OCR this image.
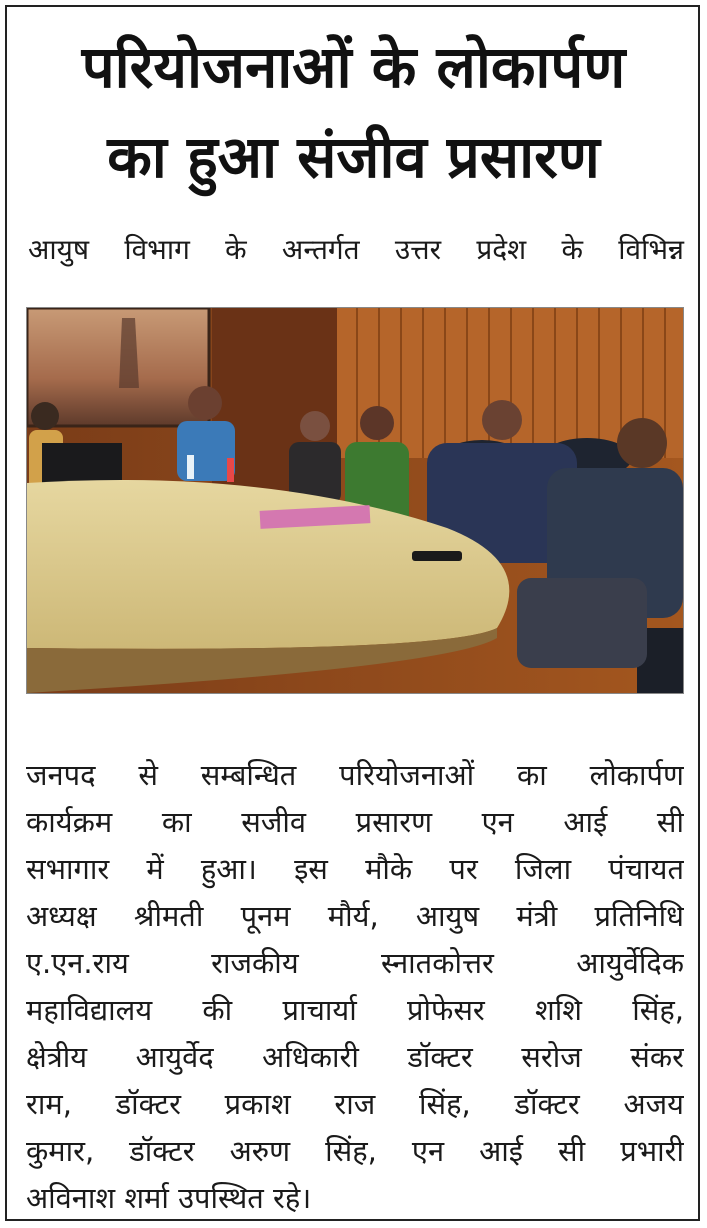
परियोजनाओं के लोकार्पण
का हुआ संजीव प्रसारण
आयुष विभाग के अन्तर्गत उत्तर प्रदेश के विभिन्न
जनपद से सम्बन्धित परियोजनाओं का लोकार्पण
कार्यक्रम का सजीव प्रसारण एन आई सी
सभागार में हुआ। इस मौके पर जिला पंचायत
अध्यक्ष श्रीमती पूनम मौर्य, आयुष मंत्री प्रतिनिधि
ए.एन.राय राजकीय स्नातकोत्तर आयुर्वेदिक
महाविद्यालय की प्राचार्या प्रोफेसर शशि सिंह,
क्षेत्रीय आयुर्वेद अधिकारी डॉक्टर सरोज संकर
राम, डॉक्टर प्रकाश राज सिंह, डॉक्टर अजय
कुमार, डॉक्टर अरुण सिंह, एन आई सी प्रभारी
अविनाश शर्मा उपस्थित रहे।
